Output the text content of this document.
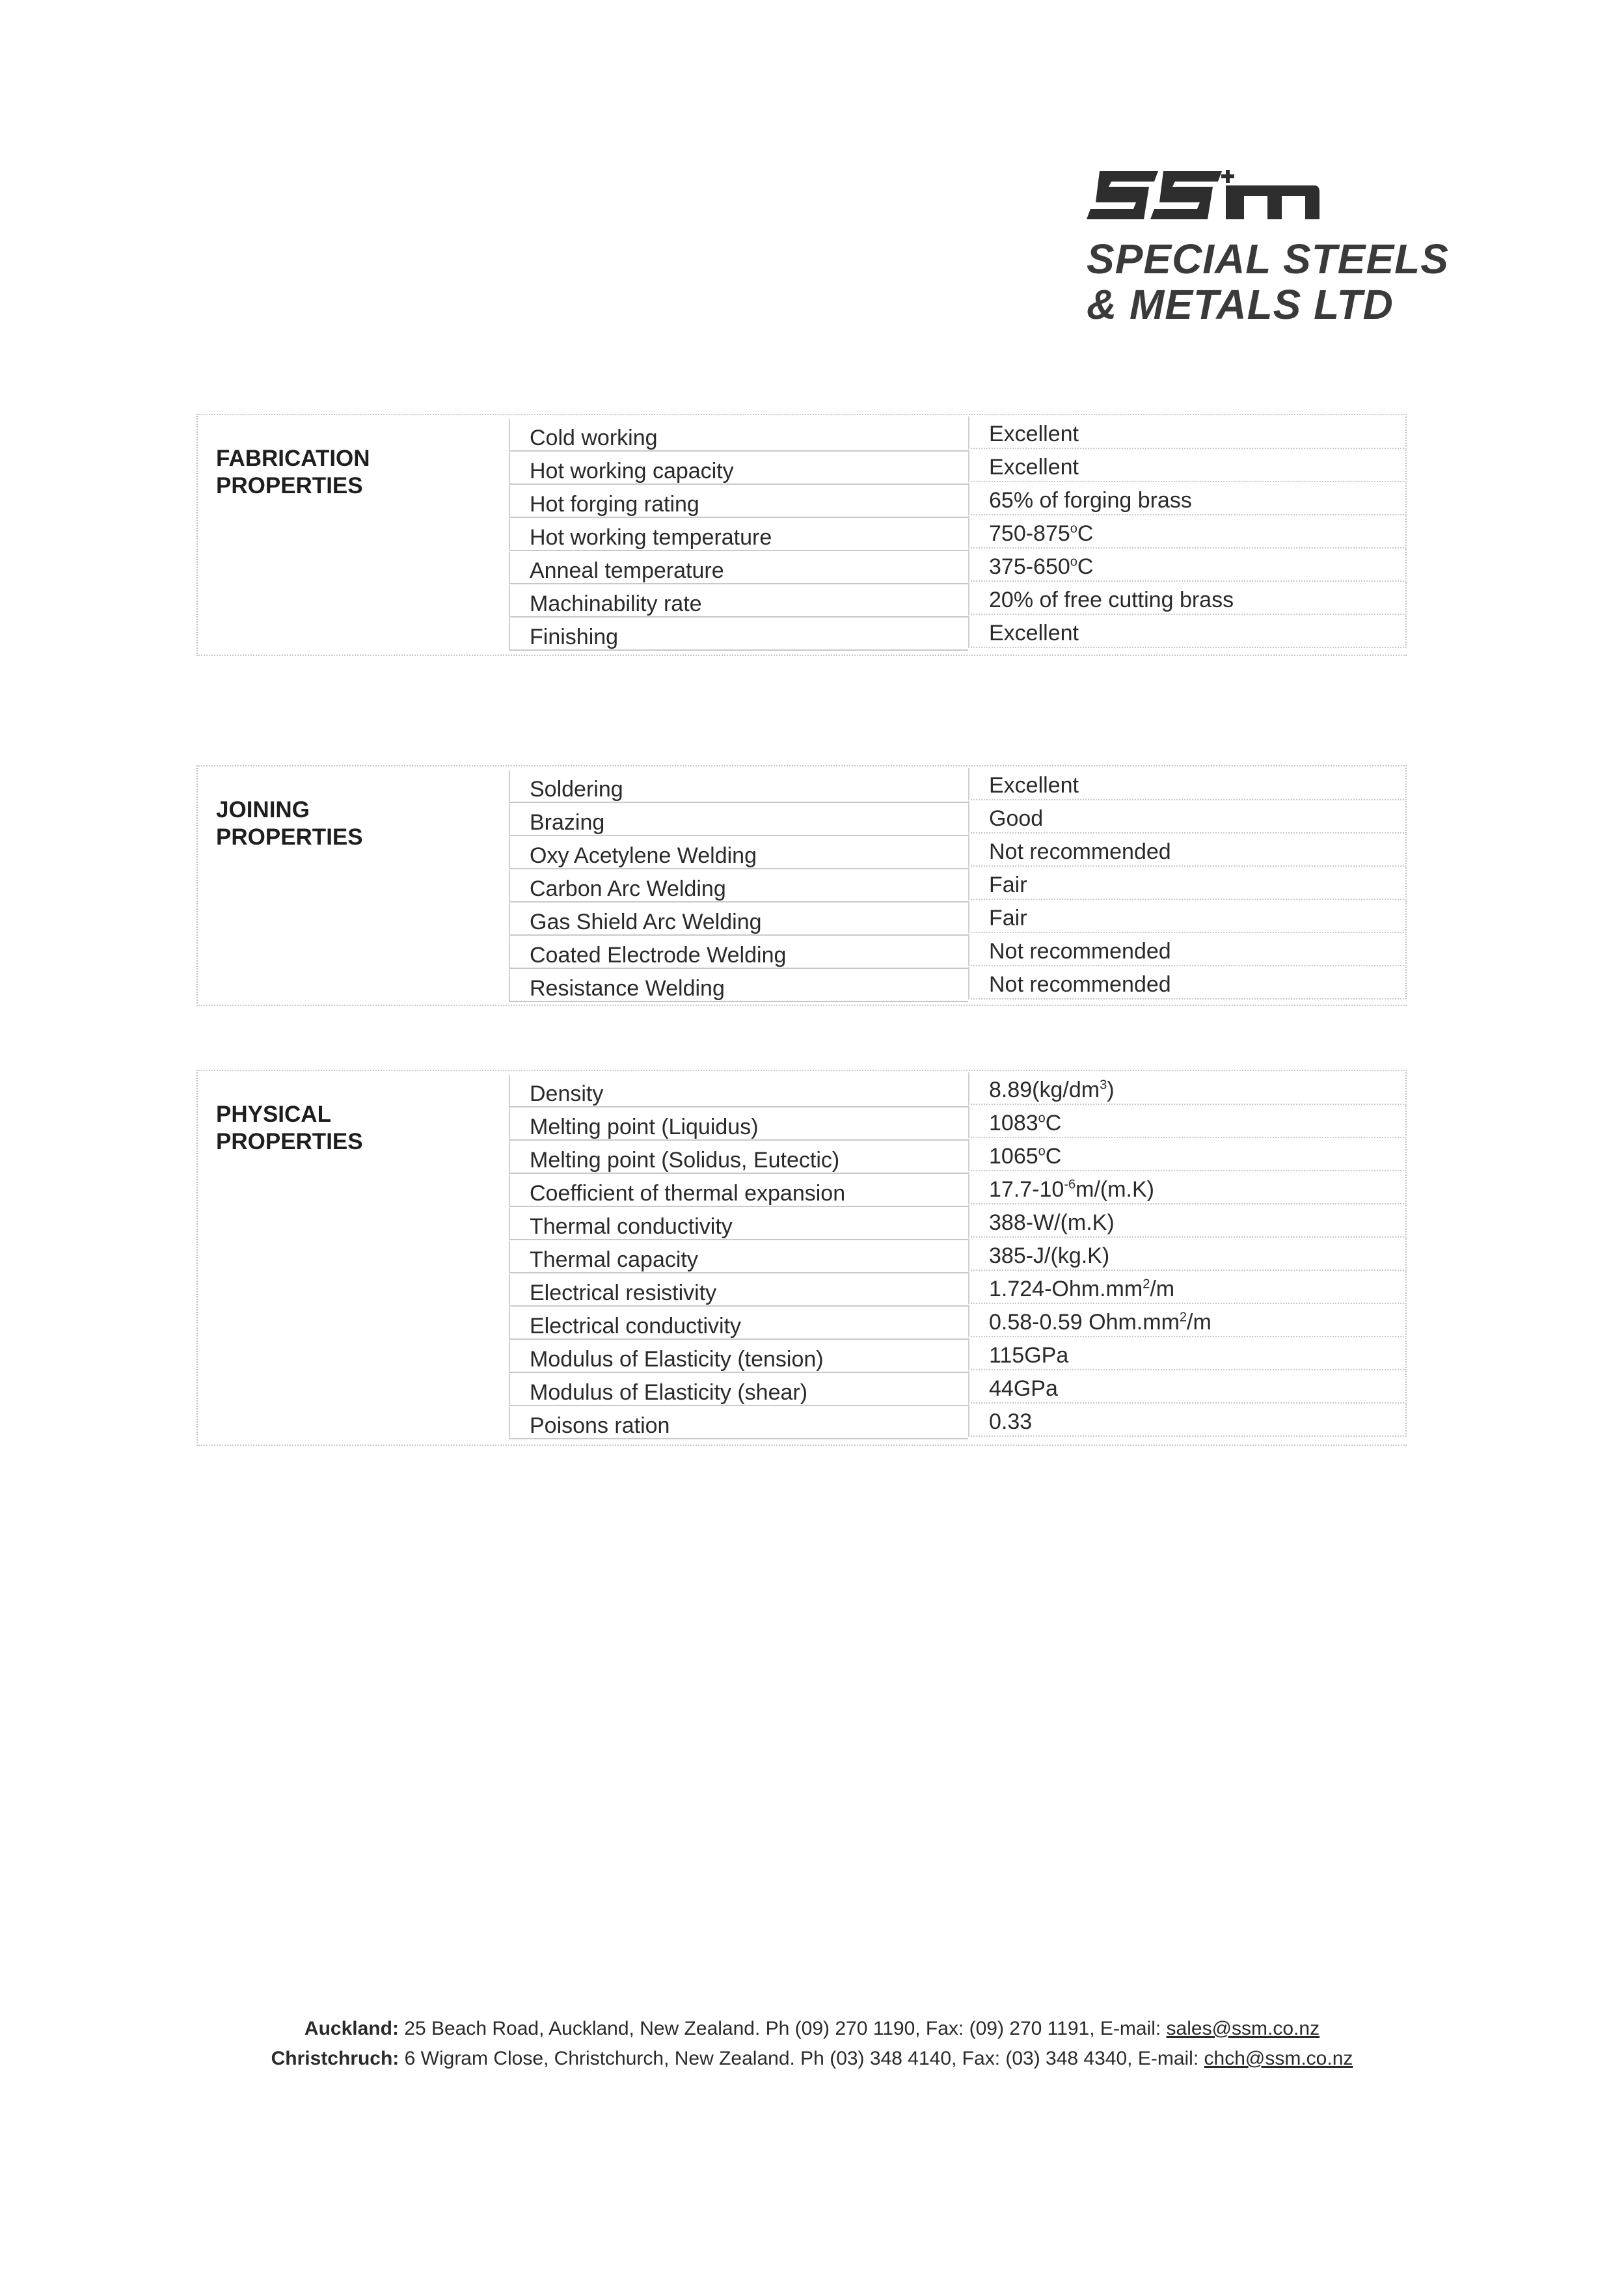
SPECIAL STEELS
& METALS LTD
FABRICATION
PROPERTIES
Cold working	Excellent
Hot working capacity	Excellent
Hot forging rating	65% of forging brass
Hot working temperature	750-875$^o$C
Anneal temperature	375-650$^o$C
Machinability rate	20% of free cutting brass
Finishing	Excellent
JOINING
PROPERTIES
Soldering	Excellent
Brazing	Good
Oxy Acetylene Welding	Not recommended
Carbon Arc Welding	Fair
Gas Shield Arc Welding	Fair
Coated Electrode Welding	Not recommended
Resistance Welding	Not recommended
PHYSICAL
PROPERTIES
Density	$8.89(kg/dm^3)$
Melting point (Liquidus)	1083$^o$C
Melting point (Solidus, Eutectic)	1065$^o$C
Coefficient of thermal expansion	$17.7-10^{-6}m/(m.K)$
Thermal conductivity	388-W/(m.K)
Thermal capacity	385-J/(kg.K)
Electrical resistivity	$1.724-Ohm.mm^2/m$
Electrical conductivity	0.58-0.59 $Ohm.mm^2/m$
Modulus of Elasticity (tension)	115GPa
Modulus of Elasticity (shear)	44GPa
Poisons ration	0.33
Auckland: 25 Beach Road, Auckland, New Zealand. Ph (09) 270 1190, Fax: (09) 270 1191, E-mail: sales@ssm.co.nz
Christchruch: 6 Wigram Close, Christchurch, New Zealand. Ph (03) 348 4140, Fax: (03) 348 4340, E-mail: chch@ssm.co.nz
